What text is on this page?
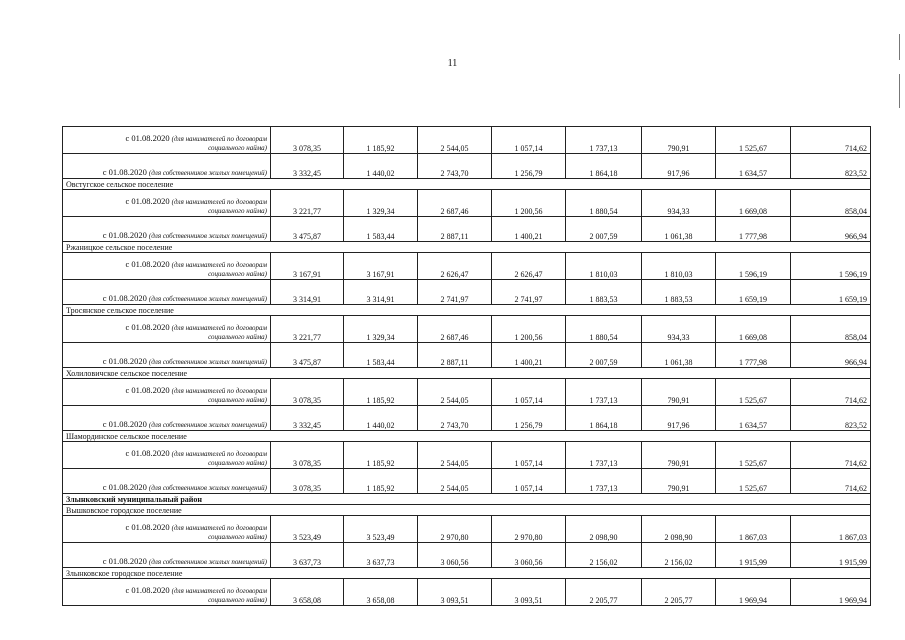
11
с 01.08.2020 (для нанимателей по договорам
социального найма)	3 078,35	1 185,92	2 544,05	1 057,14	1 737,13	790,91	1 525,67	714,62
с 01.08.2020 (для собственников жилых помещений)	3 332,45	1 440,02	2 743,70	1 256,79	1 864,18	917,96	1 634,57	823,52
Овстугское сельское поселение								

с 01.08.2020 (для нанимателей по договорам
социального найма)	3 221,77	1 329,34	2 687,46	1 200,56	1 880,54	934,33	1 669,08	858,04
с 01.08.2020 (для собственников жилых помещений)	3 475,87	1 583,44	2 887,11	1 400,21	2 007,59	1 061,38	1 777,98	966,94
Ржаницкое сельское поселение								

с 01.08.2020 (для нанимателей по договорам
социального найма)	3 167,91	3 167,91	2 626,47	2 626,47	1 810,03	1 810,03	1 596,19	1 596,19
с 01.08.2020 (для собственников жилых помещений)	3 314,91	3 314,91	2 741,97	2 741,97	1 883,53	1 883,53	1 659,19	1 659,19
Тросянское сельское поселение								

с 01.08.2020 (для нанимателей по договорам
социального найма)	3 221,77	1 329,34	2 687,46	1 200,56	1 880,54	934,33	1 669,08	858,04
с 01.08.2020 (для собственников жилых помещений)	3 475,87	1 583,44	2 887,11	1 400,21	2 007,59	1 061,38	1 777,98	966,94
Холиловичское сельское поселение								

с 01.08.2020 (для нанимателей по договорам
социального найма)	3 078,35	1 185,92	2 544,05	1 057,14	1 737,13	790,91	1 525,67	714,62
с 01.08.2020 (для собственников жилых помещений)	3 332,45	1 440,02	2 743,70	1 256,79	1 864,18	917,96	1 634,57	823,52
Шамординское сельское поселение								

с 01.08.2020 (для нанимателей по договорам
социального найма)	3 078,35	1 185,92	2 544,05	1 057,14	1 737,13	790,91	1 525,67	714,62
с 01.08.2020 (для собственников жилых помещений)	3 078,35	1 185,92	2 544,05	1 057,14	1 737,13	790,91	1 525,67	714,62
Злынковский муниципальный район								
Вышковское городское поселение								

с 01.08.2020 (для нанимателей по договорам
социального найма)	3 523,49	3 523,49	2 970,80	2 970,80	2 098,90	2 098,90	1 867,03	1 867,03
с 01.08.2020 (для собственников жилых помещений)	3 637,73	3 637,73	3 060,56	3 060,56	2 156,02	2 156,02	1 915,99	1 915,99
Злынковское городское поселение								

с 01.08.2020 (для нанимателей по договорам
социального найма)	3 658,08	3 658,08	3 093,51	3 093,51	2 205,77	2 205,77	1 969,94	1 969,94
